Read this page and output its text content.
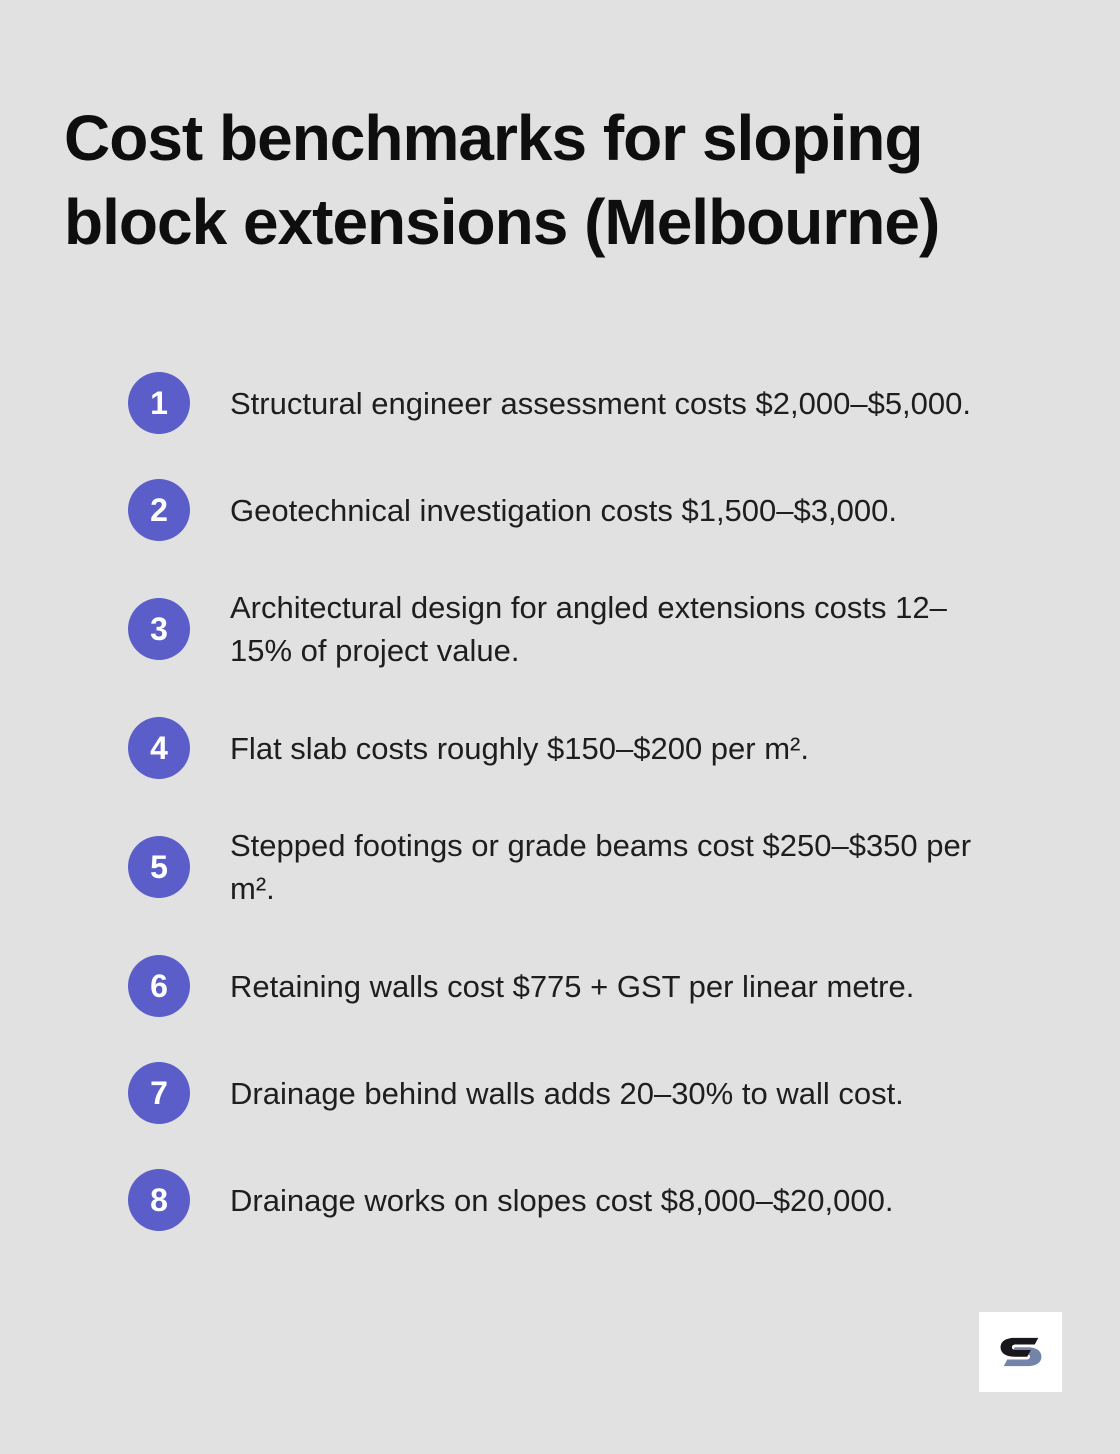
Cost benchmarks for sloping block extensions (Melbourne)
1 Structural engineer assessment costs $2,000–$5,000.
2 Geotechnical investigation costs $1,500–$3,000.
3
Architectural design for angled extensions costs 12–15% of project value.
4 Flat slab costs roughly $150–$200 per m².
5
Stepped footings or grade beams cost $250–$350 per m².
6 Retaining walls cost $775 + GST per linear metre.
7 Drainage behind walls adds 20–30% to wall cost.
8 Drainage works on slopes cost $8,000–$20,000.
